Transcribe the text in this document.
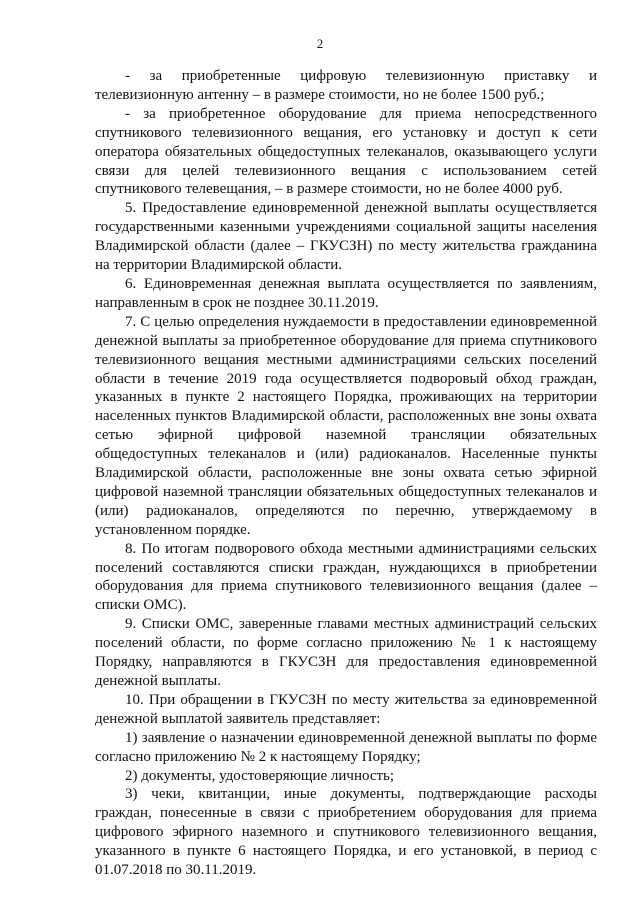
2

- за приобретенные цифровую телевизионную приставку и телевизионную антенну – в размере стоимости, но не более 1500 руб.;

- за приобретенное оборудование для приема непосредственного спутникового телевизионного вещания, его установку и доступ к сети оператора обязательных общедоступных телеканалов, оказывающего услуги связи для целей телевизионного вещания с использованием сетей спутникового телевещания, – в размере стоимости, но не более 4000 руб.

5. Предоставление единовременной денежной выплаты осуществляется государственными казенными учреждениями социальной защиты населения Владимирской области (далее – ГКУСЗН) по месту жительства гражданина на территории Владимирской области.

6. Единовременная денежная выплата осуществляется по заявлениям, направленным в срок не позднее 30.11.2019.

7. С целью определения нуждаемости в предоставлении единовременной денежной выплаты за приобретенное оборудование для приема спутникового телевизионного вещания местными администрациями сельских поселений области в течение 2019 года осуществляется подворовый обход граждан, указанных в пункте 2 настоящего Порядка, проживающих на территории населенных пунктов Владимирской области, расположенных вне зоны охвата сетью эфирной цифровой наземной трансляции обязательных общедоступных телеканалов и (или) радиоканалов. Населенные пункты Владимирской области, расположенные вне зоны охвата сетью эфирной цифровой наземной трансляции обязательных общедоступных телеканалов и (или) радиоканалов, определяются по перечню, утверждаемому в установленном порядке.

8. По итогам подворового обхода местными администрациями сельских поселений составляются списки граждан, нуждающихся в приобретении оборудования для приема спутникового телевизионного вещания (далее – списки ОМС).

9. Списки ОМС, заверенные главами местных администраций сельских поселений области, по форме согласно приложению № 1 к настоящему Порядку, направляются в ГКУСЗН для предоставления единовременной денежной выплаты.

10. При обращении в ГКУСЗН по месту жительства за единовременной денежной выплатой заявитель представляет:

1) заявление о назначении единовременной денежной выплаты по форме согласно приложению № 2 к настоящему Порядку;

2) документы, удостоверяющие личность;

3) чеки, квитанции, иные документы, подтверждающие расходы граждан, понесенные в связи с приобретением оборудования для приема цифрового эфирного наземного и спутникового телевизионного вещания, указанного в пункте 6 настоящего Порядка, и его установкой, в период с 01.07.2018 по 30.11.2019.
